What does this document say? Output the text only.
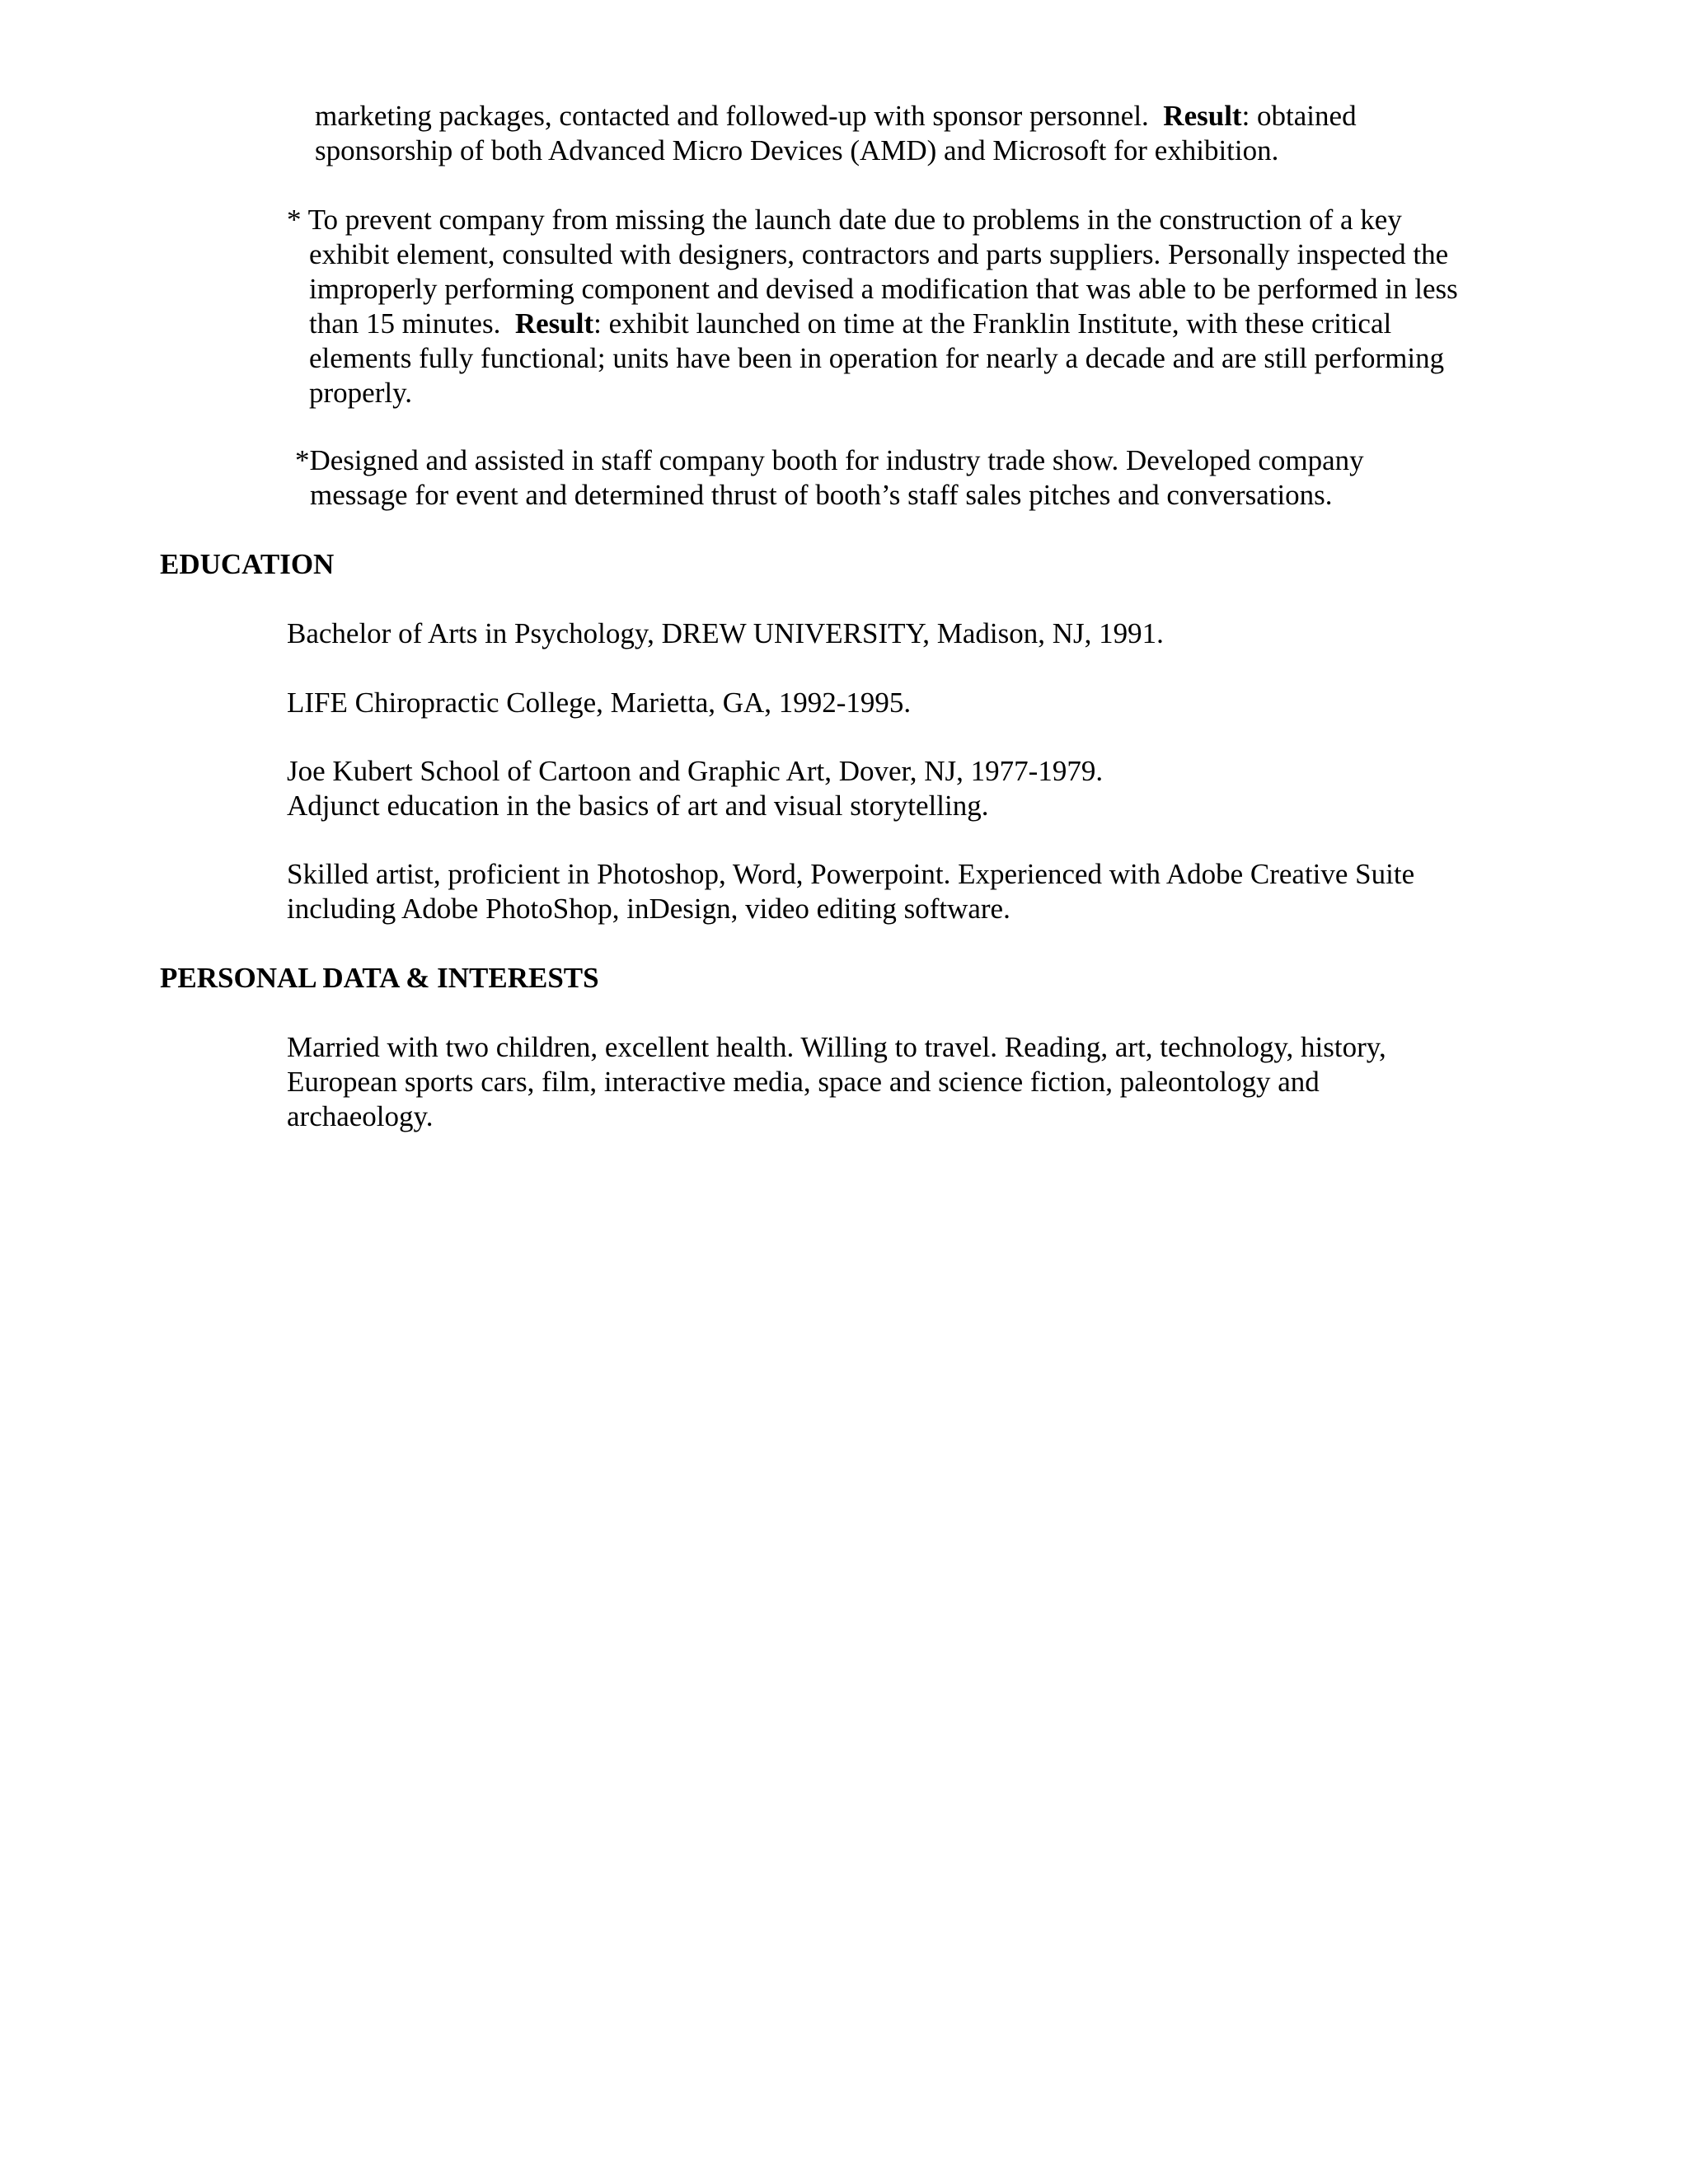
marketing packages, contacted and followed-up with sponsor personnel. Result: obtained
sponsorship of both Advanced Micro Devices (AMD) and Microsoft for exhibition.
* To prevent company from missing the launch date due to problems in the construction of a key
exhibit element, consulted with designers, contractors and parts suppliers. Personally inspected the
improperly performing component and devised a modification that was able to be performed in less
than 15 minutes. Result: exhibit launched on time at the Franklin Institute, with these critical
elements fully functional; units have been in operation for nearly a decade and are still performing
properly.
*Designed and assisted in staff company booth for industry trade show. Developed company
message for event and determined thrust of booth’s staff sales pitches and conversations.
EDUCATION
Bachelor of Arts in Psychology, DREW UNIVERSITY, Madison, NJ, 1991.
LIFE Chiropractic College, Marietta, GA, 1992-1995.
Joe Kubert School of Cartoon and Graphic Art, Dover, NJ, 1977-1979.
Adjunct education in the basics of art and visual storytelling.
Skilled artist, proficient in Photoshop, Word, Powerpoint. Experienced with Adobe Creative Suite
including Adobe PhotoShop, inDesign, video editing software.
PERSONAL DATA & INTERESTS
Married with two children, excellent health. Willing to travel. Reading, art, technology, history,
European sports cars, film, interactive media, space and science fiction, paleontology and
archaeology.
